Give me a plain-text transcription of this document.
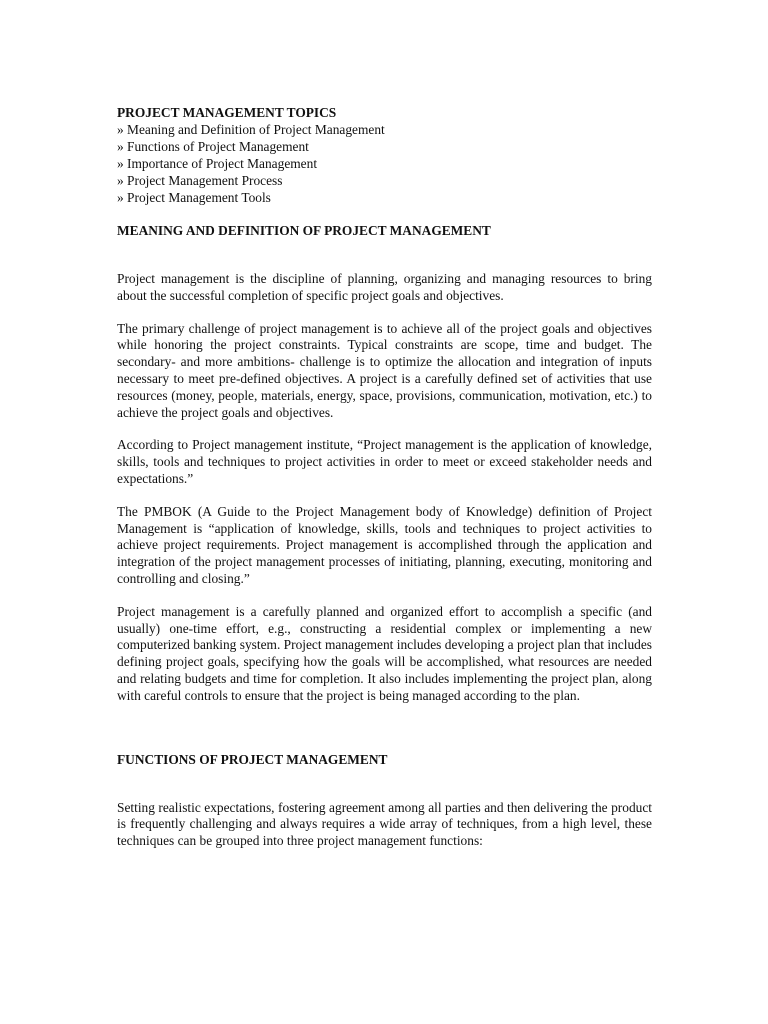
PROJECT MANAGEMENT TOPICS
» Meaning and Definition of Project Management
» Functions of Project Management
» Importance of Project Management
» Project Management Process
» Project Management Tools
MEANING AND DEFINITION OF PROJECT MANAGEMENT

Project management is the discipline of planning, organizing and managing resources to bring about the successful completion of specific project goals and objectives.

The primary challenge of project management is to achieve all of the project goals and objectives while honoring the project constraints. Typical constraints are scope, time and budget. The secondary- and more ambitions- challenge is to optimize the allocation and integration of inputs necessary to meet pre-defined objectives. A project is a carefully defined set of activities that use resources (money, people, materials, energy, space, provisions, communication, motivation, etc.) to achieve the project goals and objectives.

According to Project management institute, “Project management is the application of knowledge, skills, tools and techniques to project activities in order to meet or exceed stakeholder needs and expectations.”

The PMBOK (A Guide to the Project Management body of Knowledge) definition of Project Management is “application of knowledge, skills, tools and techniques to project activities to achieve project requirements. Project management is accomplished through the application and integration of the project management processes of initiating, planning, executing, monitoring and controlling and closing.”

Project management is a carefully planned and organized effort to accomplish a specific (and usually) one-time effort, e.g., constructing a residential complex or implementing a new computerized banking system. Project management includes developing a project plan that includes defining project goals, specifying how the goals will be accomplished, what resources are needed and relating budgets and time for completion. It also includes implementing the project plan, along with careful controls to ensure that the project is being managed according to the plan.

FUNCTIONS OF PROJECT MANAGEMENT

Setting realistic expectations, fostering agreement among all parties and then delivering the product is frequently challenging and always requires a wide array of techniques, from a high level, these techniques can be grouped into three project management functions:
